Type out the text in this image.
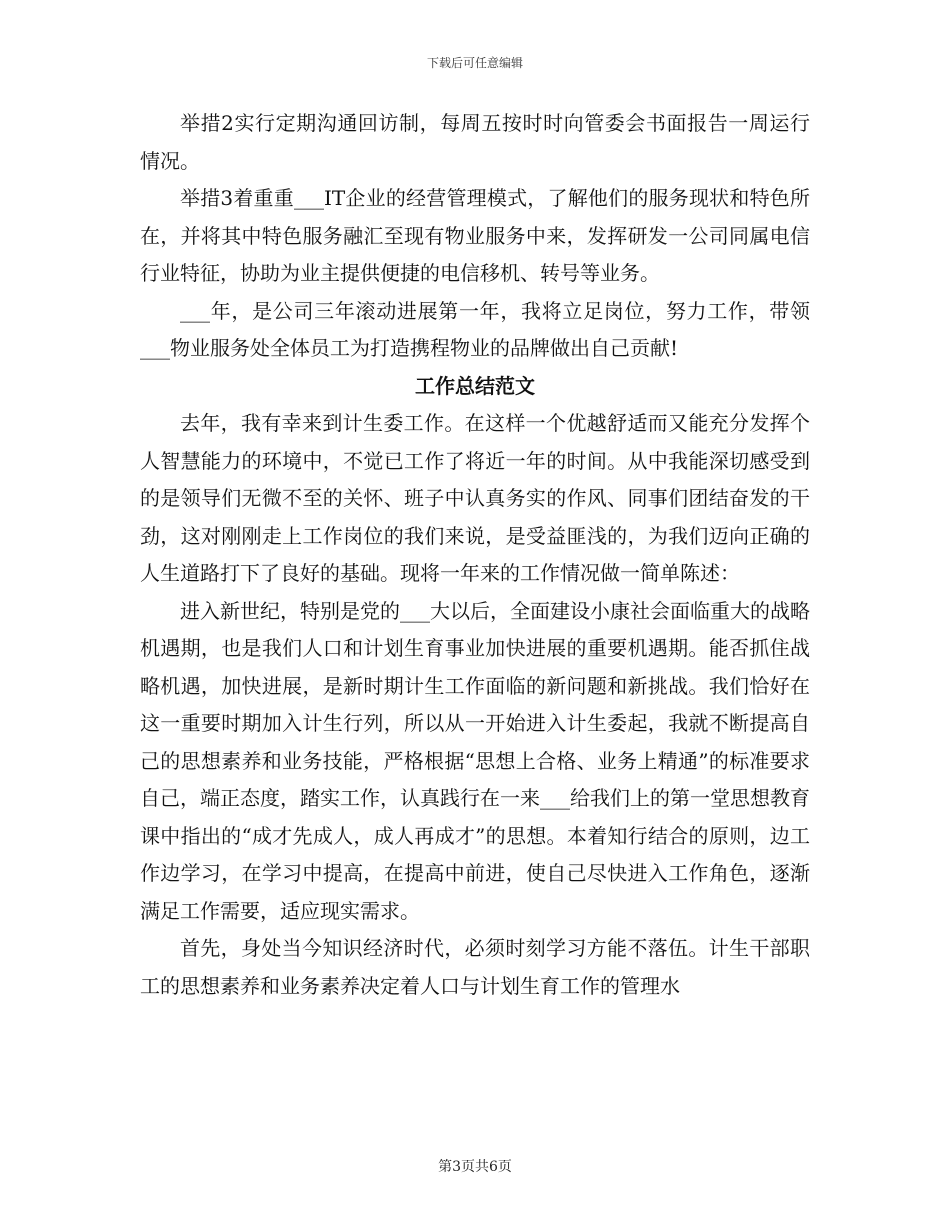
下载后可任意编辑

举措2实行定期沟通回访制，每周五按时时向管委会书面报告一周运行情况。

举措3着重重___IT企业的经营管理模式，了解他们的服务现状和特色所在，并将其中特色服务融汇至现有物业服务中来，发挥研发一公司同属电信行业特征，协助为业主提供便捷的电信移机、转号等业务。

___年，是公司三年滚动进展第一年，我将立足岗位，努力工作，带领___物业服务处全体员工为打造携程物业的品牌做出自己贡献!

工作总结范文

去年，我有幸来到计生委工作。在这样一个优越舒适而又能充分发挥个人智慧能力的环境中，不觉已工作了将近一年的时间。从中我能深切感受到的是领导们无微不至的关怀、班子中认真务实的作风、同事们团结奋发的干劲，这对刚刚走上工作岗位的我们来说，是受益匪浅的，为我们迈向正确的人生道路打下了良好的基础。现将一年来的工作情况做一简单陈述：

进入新世纪，特别是党的___大以后，全面建设小康社会面临重大的战略机遇期，也是我们人口和计划生育事业加快进展的重要机遇期。能否抓住战略机遇，加快进展，是新时期计生工作面临的新问题和新挑战。我们恰好在这一重要时期加入计生行列，所以从一开始进入计生委起，我就不断提高自己的思想素养和业务技能，严格根据“思想上合格、业务上精通”的标准要求自己，端正态度，踏实工作，认真践行在一来___给我们上的第一堂思想教育课中指出的“成才先成人，成人再成才”的思想。本着知行结合的原则，边工作边学习，在学习中提高，在提高中前进，使自己尽快进入工作角色，逐渐满足工作需要，适应现实需求。

首先，身处当今知识经济时代，必须时刻学习方能不落伍。计生干部职工的思想素养和业务素养决定着人口与计划生育工作的管理水

第3页共6页
